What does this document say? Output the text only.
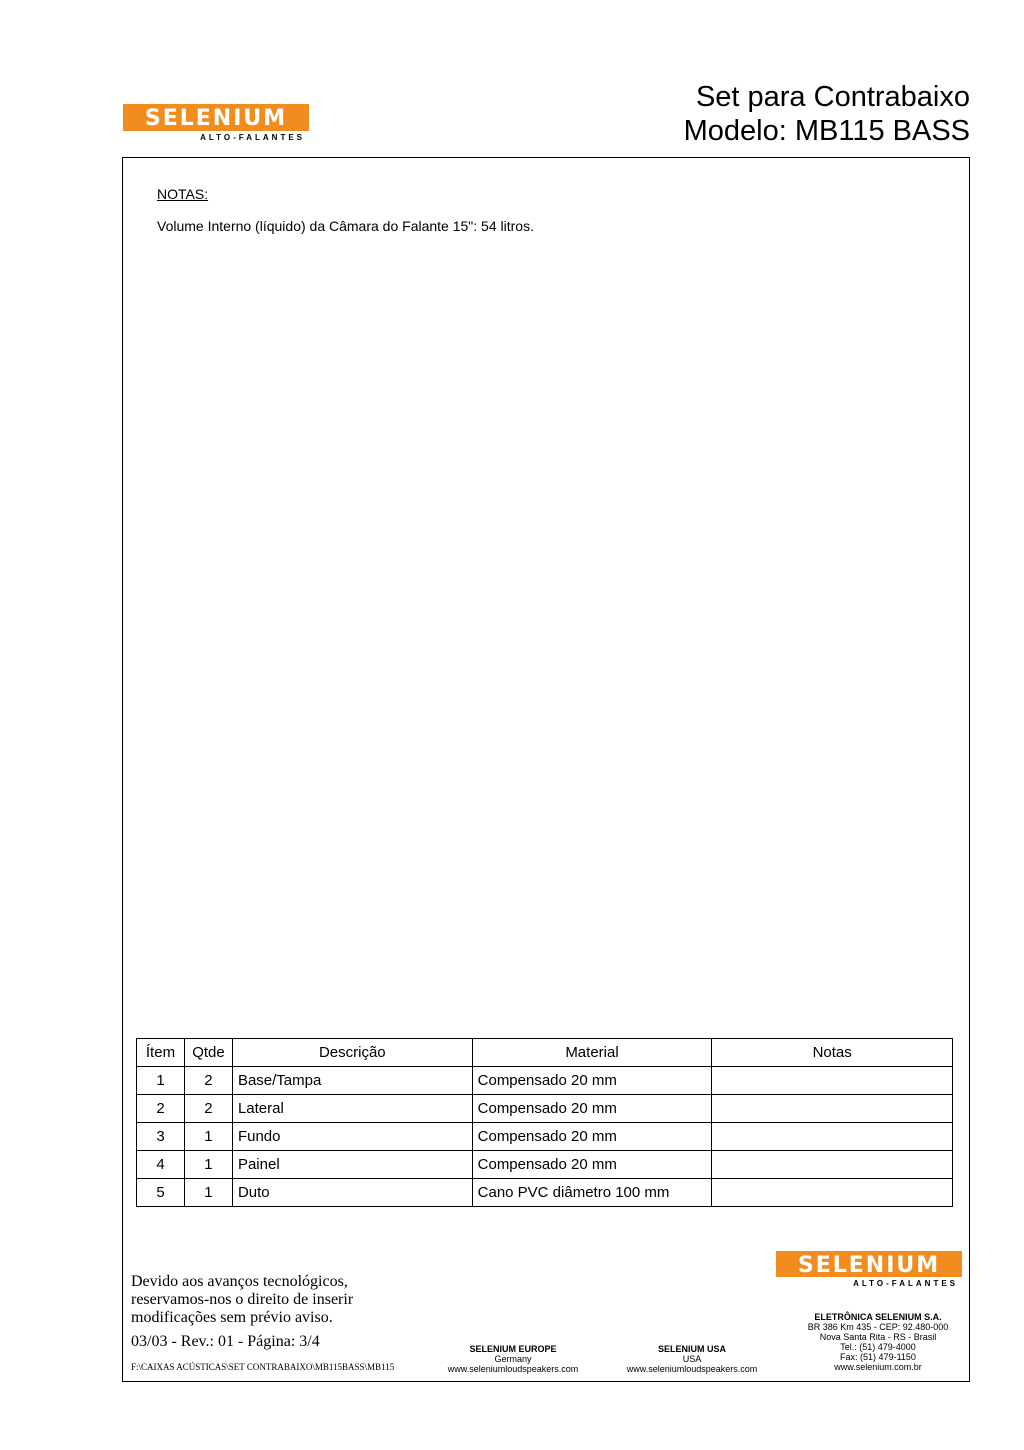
SELENIUM
ALTO-FALANTES
Set para Contrabaixo
Modelo: MB115 BASS
NOTAS:
Volume Interno (líquido) da Câmara do Falante 15": 54 litros.
Ítem	Qtde	Descrição	Material	Notas
1	2	Base/Tampa	Compensado 20 mm	
2	2	Lateral	Compensado 20 mm	
3	1	Fundo	Compensado 20 mm	
4	1	Painel	Compensado 20 mm	
5	1	Duto	Cano PVC diâmetro 100 mm	
SELENIUM
ALTO-FALANTES
Devido aos avanços tecnológicos,
reservamos-nos o direito de inserir
modificações sem prévio aviso.
03/03 - Rev.: 01 - Página: 3/4
F:\CAIXAS ACÚSTICAS\SET CONTRABAIXO\MB115BASS\MB115
SELENIUM EUROPE
Germany
www.seleniumloudspeakers.com
SELENIUM USA
USA
www.seleniumloudspeakers.com
ELETRÔNICA SELENIUM S.A.
BR 386 Km 435 - CEP: 92.480-000
Nova Santa Rita - RS - Brasil
Tel.: (51) 479-4000
Fax: (51) 479-1150
www.selenium.com.br
